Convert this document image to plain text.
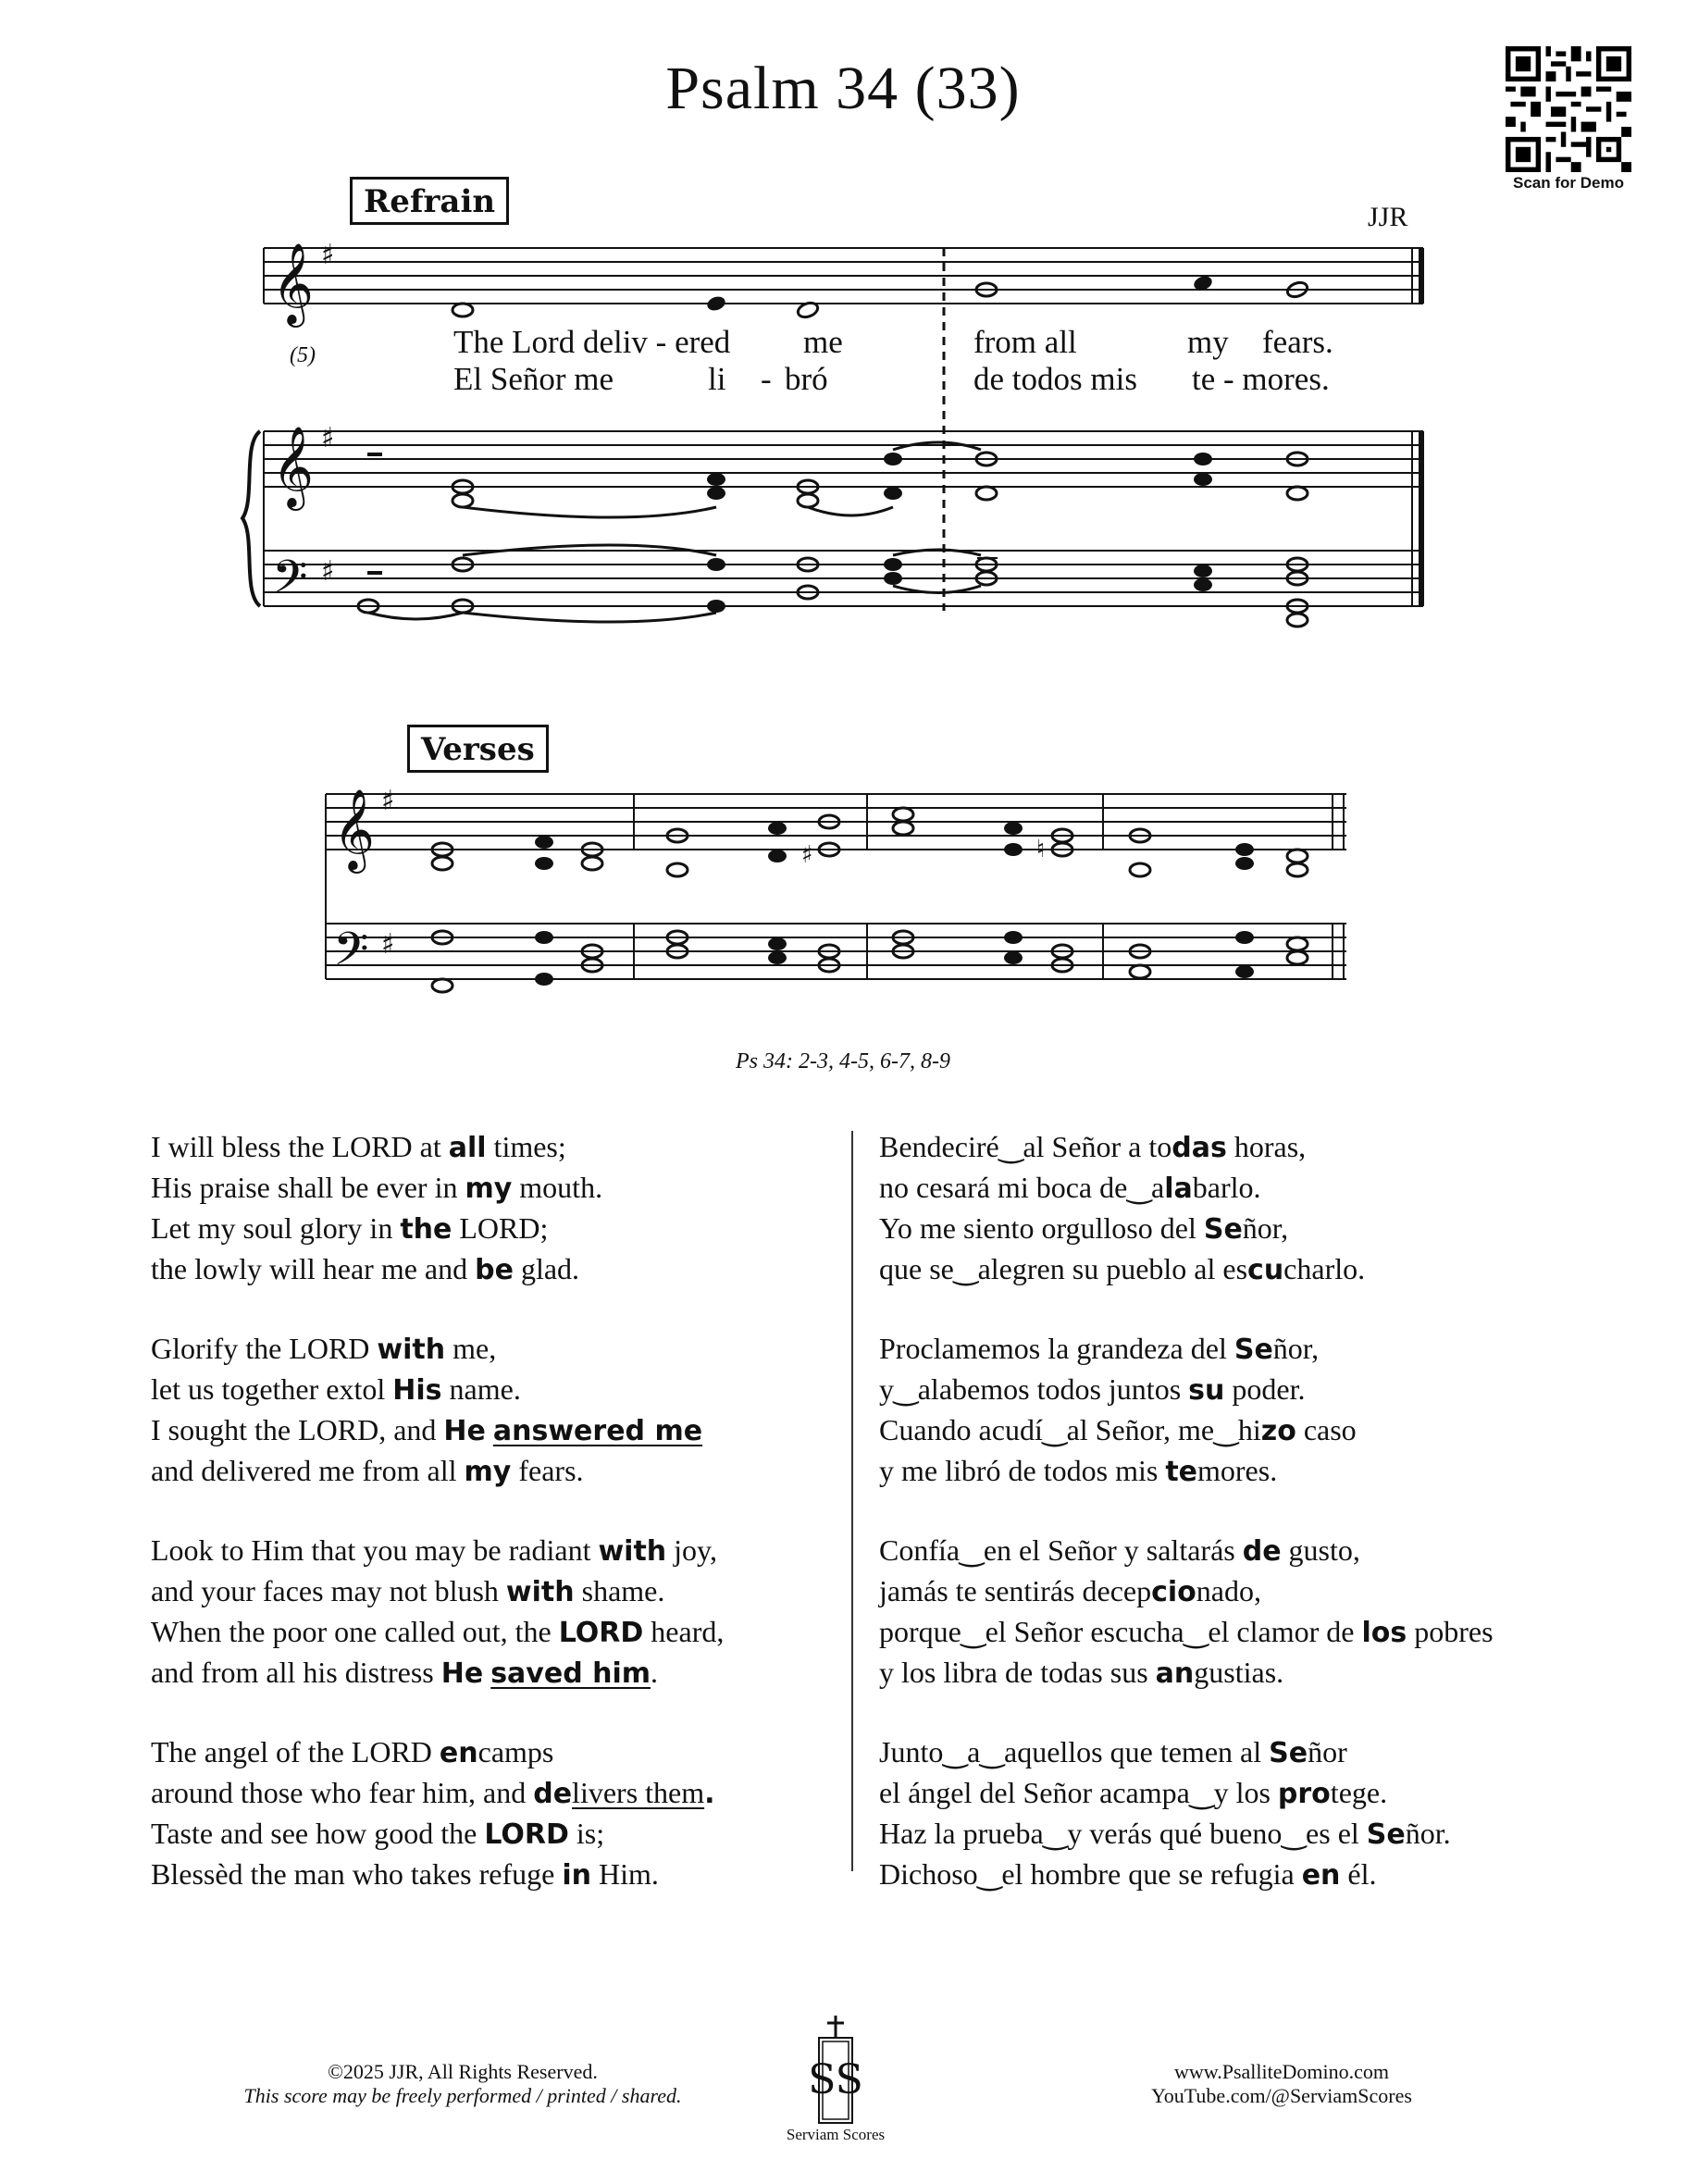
Psalm 34 (33)
Scan for Demo
Refrain	JJR
(5)
𝄞
𝄞
𝄢
♯
♯
♯
The Lord deliv - ered me	from all	my fears.
El Señor me	li - bró	de todos mis te - mores.
Verses
𝄞
𝄢
♯
♯
♯	♮
Ps 34: 2-3, 4-5, 6-7, 8-9
I will bless the LORD at all times;
His praise shall be ever in my mouth.
Let my soul glory in the LORD;
the lowly will hear me and be glad.
Glorify the LORD with me,
let us together extol His name.
I sought the LORD, and He answered me
and delivered me from all my fears.
Look to Him that you may be radiant with joy,
and your faces may not blush with shame.
When the poor one called out, the LORD heard,
and from all his distress He saved him.
The angel of the LORD encamps
around those who fear him, and delivers them.
Taste and see how good the LORD is;
Blessèd the man who takes refuge in Him.
Bendeciré‿al Señor a todas horas,
no cesará mi boca de‿alabarlo.
Yo me siento orgulloso del Señor,
que se‿alegren su pueblo al escucharlo.
Proclamemos la grandeza del Señor,
y‿alabemos todos juntos su poder.
Cuando acudí‿al Señor, me‿hizo caso
y me libró de todos mis temores.
Confía‿en el Señor y saltarás de gusto,
jamás te sentirás decepcionado,
porque‿el Señor escucha‿el clamor de los pobres
y los libra de todas sus angustias.
Junto‿a‿aquellos que temen al Señor
el ángel del Señor acampa‿y los protege.
Haz la prueba‿y verás qué bueno‿es el Señor.
Dichoso‿el hombre que se refugia en él.
©2025 JJR, All Rights Reserved.
This score may be freely performed / printed / shared.	SS
Serviam Scores
www.PsalliteDomino.com
YouTube.com/@ServiamScores
